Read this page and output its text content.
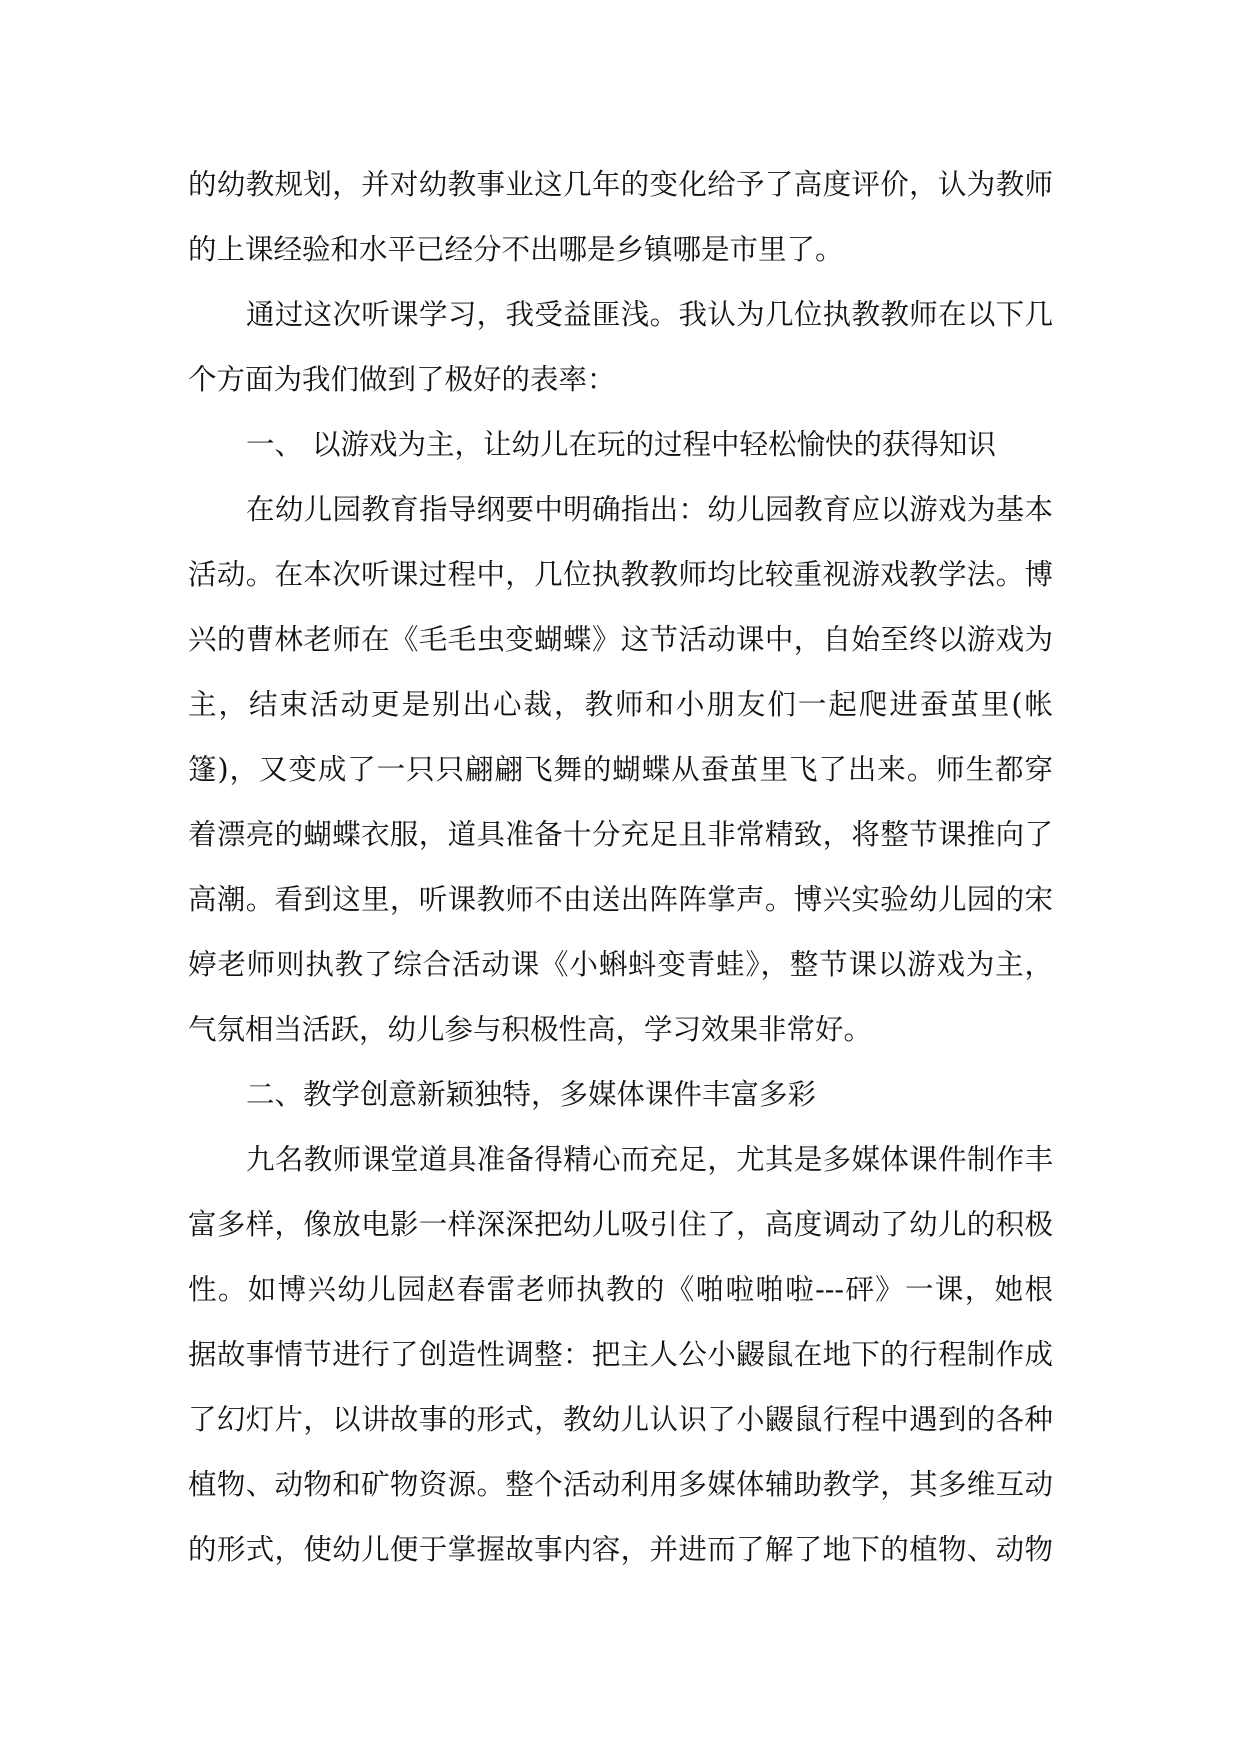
的幼教规划，并对幼教事业这几年的变化给予了高度评价，认为教师
的上课经验和水平已经分不出哪是乡镇哪是市里了。
通过这次听课学习，我受益匪浅。我认为几位执教教师在以下几
个方面为我们做到了极好的表率：
一、 以游戏为主，让幼儿在玩的过程中轻松愉快的获得知识
在幼儿园教育指导纲要中明确指出：幼儿园教育应以游戏为基本
活动。在本次听课过程中，几位执教教师均比较重视游戏教学法。博
兴的曹林老师在《毛毛虫变蝴蝶》这节活动课中，自始至终以游戏为
主，结束活动更是别出心裁，教师和小朋友们一起爬进蚕茧里(帐
篷)，又变成了一只只翩翩飞舞的蝴蝶从蚕茧里飞了出来。师生都穿
着漂亮的蝴蝶衣服，道具准备十分充足且非常精致，将整节课推向了
高潮。看到这里，听课教师不由送出阵阵掌声。博兴实验幼儿园的宋
婷老师则执教了综合活动课《小蝌蚪变青蛙》，整节课以游戏为主，
气氛相当活跃，幼儿参与积极性高，学习效果非常好。
二、教学创意新颖独特，多媒体课件丰富多彩
九名教师课堂道具准备得精心而充足，尤其是多媒体课件制作丰
富多样，像放电影一样深深把幼儿吸引住了，高度调动了幼儿的积极
性。如博兴幼儿园赵春雷老师执教的《啪啦啪啦---砰》一课，她根
据故事情节进行了创造性调整：把主人公小鼹鼠在地下的行程制作成
了幻灯片，以讲故事的形式，教幼儿认识了小鼹鼠行程中遇到的各种
植物、动物和矿物资源。整个活动利用多媒体辅助教学，其多维互动
的形式，使幼儿便于掌握故事内容，并进而了解了地下的植物、动物
